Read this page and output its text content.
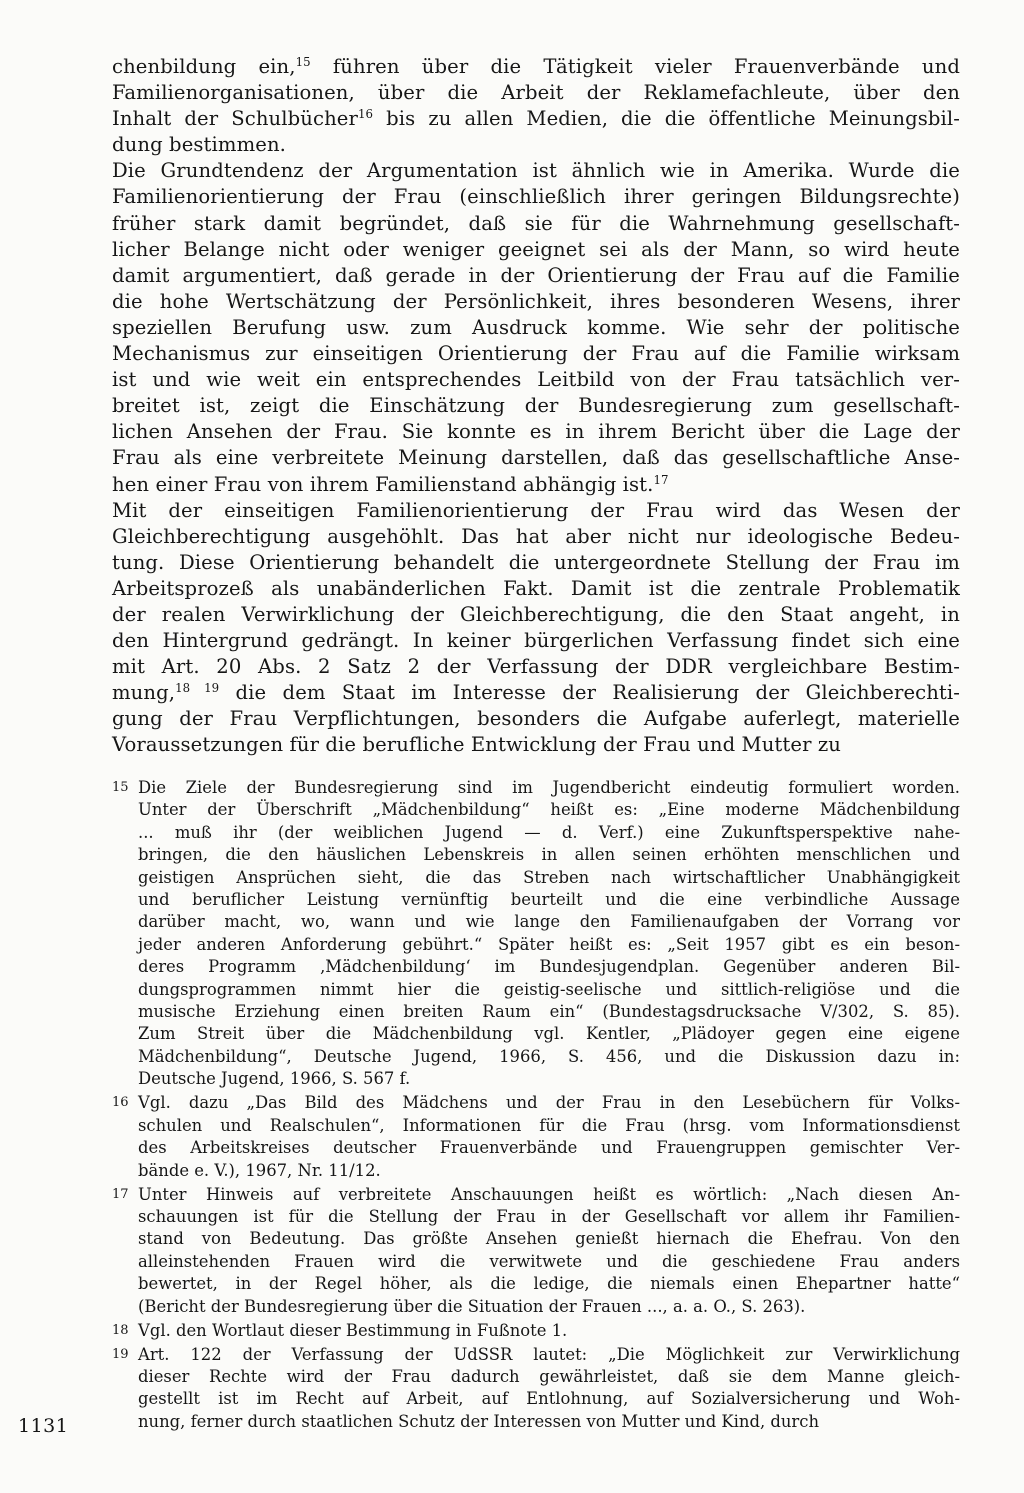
chenbildung ein,$^{15}$ führen über die Tätigkeit vieler Frauenverbände und
Familienorganisationen, über die Arbeit der Reklamefachleute, über den
Inhalt der Schulbücher$^{16}$ bis zu allen Medien, die die öffentliche Meinungsbil-
dung bestimmen.

Die Grundtendenz der Argumentation ist ähnlich wie in Amerika. Wurde die
Familienorientierung der Frau (einschließlich ihrer geringen Bildungsrechte)
früher stark damit begründet, daß sie für die Wahrnehmung gesellschaft-
licher Belange nicht oder weniger geeignet sei als der Mann, so wird heute
damit argumentiert, daß gerade in der Orientierung der Frau auf die Familie
die hohe Wertschätzung der Persönlichkeit, ihres besonderen Wesens, ihrer
speziellen Berufung usw. zum Ausdruck komme. Wie sehr der politische
Mechanismus zur einseitigen Orientierung der Frau auf die Familie wirksam
ist und wie weit ein entsprechendes Leitbild von der Frau tatsächlich ver-
breitet ist, zeigt die Einschätzung der Bundesregierung zum gesellschaft-
lichen Ansehen der Frau. Sie konnte es in ihrem Bericht über die Lage der
Frau als eine verbreitete Meinung darstellen, daß das gesellschaftliche Anse-
hen einer Frau von ihrem Familienstand abhängig ist.$^{17}$

Mit der einseitigen Familienorientierung der Frau wird das Wesen der
Gleichberechtigung ausgehöhlt. Das hat aber nicht nur ideologische Bedeu-
tung. Diese Orientierung behandelt die untergeordnete Stellung der Frau im
Arbeitsprozeß als unabänderlichen Fakt. Damit ist die zentrale Problematik
der realen Verwirklichung der Gleichberechtigung, die den Staat angeht, in
den Hintergrund gedrängt. In keiner bürgerlichen Verfassung findet sich eine
mit Art. 20 Abs. 2 Satz 2 der Verfassung der DDR vergleichbare Bestim-
mung,$^{18 19}$ die dem Staat im Interesse der Realisierung der Gleichberechti-
gung der Frau Verpflichtungen, besonders die Aufgabe auferlegt, materielle
Voraussetzungen für die berufliche Entwicklung der Frau und Mutter zu

15 Die Ziele der Bundesregierung sind im Jugendbericht eindeutig formuliert worden.
Unter der Überschrift „Mädchenbildung“ heißt es: „Eine moderne Mädchenbildung
... muß ihr (der weiblichen Jugend — d. Verf.) eine Zukunftsperspektive nahe-
bringen, die den häuslichen Lebenskreis in allen seinen erhöhten menschlichen und
geistigen Ansprüchen sieht, die das Streben nach wirtschaftlicher Unabhängigkeit
und beruflicher Leistung vernünftig beurteilt und die eine verbindliche Aussage
darüber macht, wo, wann und wie lange den Familienaufgaben der Vorrang vor
jeder anderen Anforderung gebührt.“ Später heißt es: „Seit 1957 gibt es ein beson-
deres Programm ‚Mädchenbildung‘ im Bundesjugendplan. Gegenüber anderen Bil-
dungsprogrammen nimmt hier die geistig-seelische und sittlich-religiöse und die
musische Erziehung einen breiten Raum ein“ (Bundestagsdrucksache V/302, S. 85).
Zum Streit über die Mädchenbildung vgl. Kentler, „Plädoyer gegen eine eigene
Mädchenbildung“, Deutsche Jugend, 1966, S. 456, und die Diskussion dazu in:
Deutsche Jugend, 1966, S. 567 f.
16 Vgl. dazu „Das Bild des Mädchens und der Frau in den Lesebüchern für Volks-
schulen und Realschulen“, Informationen für die Frau (hrsg. vom Informationsdienst
des Arbeitskreises deutscher Frauenverbände und Frauengruppen gemischter Ver-
bände e. V.), 1967, Nr. 11/12.
17 Unter Hinweis auf verbreitete Anschauungen heißt es wörtlich: „Nach diesen An-
schauungen ist für die Stellung der Frau in der Gesellschaft vor allem ihr Familien-
stand von Bedeutung. Das größte Ansehen genießt hiernach die Ehefrau. Von den
alleinstehenden Frauen wird die verwitwete und die geschiedene Frau anders
bewertet, in der Regel höher, als die ledige, die niemals einen Ehepartner hatte“
(Bericht der Bundesregierung über die Situation der Frauen ..., a. a. O., S. 263).
18 Vgl. den Wortlaut dieser Bestimmung in Fußnote 1.
19 Art. 122 der Verfassung der UdSSR lautet: „Die Möglichkeit zur Verwirklichung
dieser Rechte wird der Frau dadurch gewährleistet, daß sie dem Manne gleich-
gestellt ist im Recht auf Arbeit, auf Entlohnung, auf Sozialversicherung und Woh-
nung, ferner durch staatlichen Schutz der Interessen von Mutter und Kind, durch
1131
